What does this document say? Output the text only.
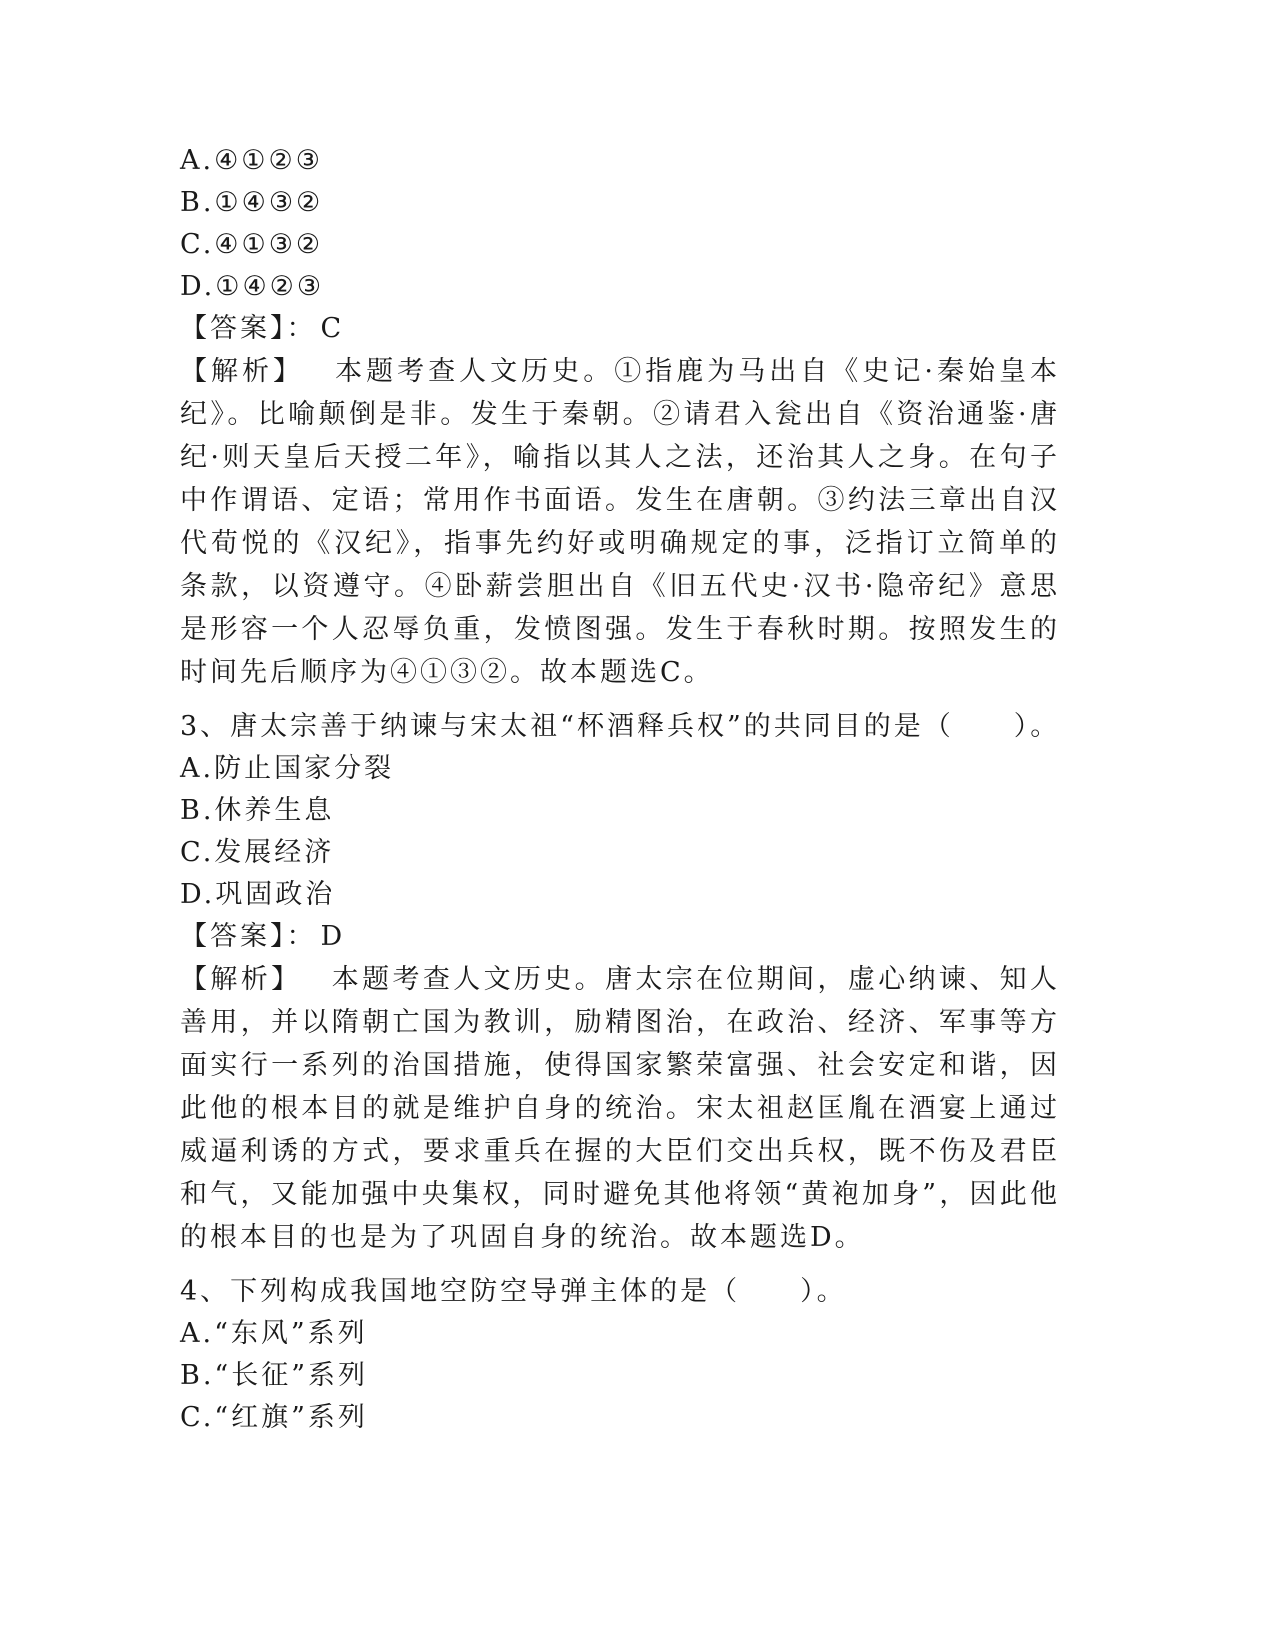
A.④①②③
B.①④③②
C.④①③②
D.①④②③
【答案】： C
【解析】  本题考查人文历史。①指鹿为马出自《史记·秦始皇本纪》。比喻颠倒是非。发生于秦朝。②请君入瓮出自《资治通鉴·唐纪·则天皇后天授二年》，喻指以其人之法，还治其人之身。在句子中作谓语、定语；常用作书面语。发生在唐朝。③约法三章出自汉代荀悦的《汉纪》，指事先约好或明确规定的事，泛指订立简单的条款，以资遵守。④卧薪尝胆出自《旧五代史·汉书·隐帝纪》意思是形容一个人忍辱负重，发愤图强。发生于春秋时期。按照发生的时间先后顺序为④①③②。故本题选C。
3、唐太宗善于纳谏与宋太祖“杯酒释兵权”的共同目的是（　　）。
A.防止国家分裂
B.休养生息
C.发展经济
D.巩固政治
【答案】： D
【解析】  本题考查人文历史。唐太宗在位期间，虚心纳谏、知人善用，并以隋朝亡国为教训，励精图治，在政治、经济、军事等方面实行一系列的治国措施，使得国家繁荣富强、社会安定和谐，因此他的根本目的就是维护自身的统治。宋太祖赵匡胤在酒宴上通过威逼利诱的方式，要求重兵在握的大臣们交出兵权，既不伤及君臣和气，又能加强中央集权，同时避免其他将领“黄袍加身”，因此他的根本目的也是为了巩固自身的统治。故本题选D。
4、下列构成我国地空防空导弹主体的是（　　）。
A.“东风”系列
B.“长征”系列
C.“红旗”系列
